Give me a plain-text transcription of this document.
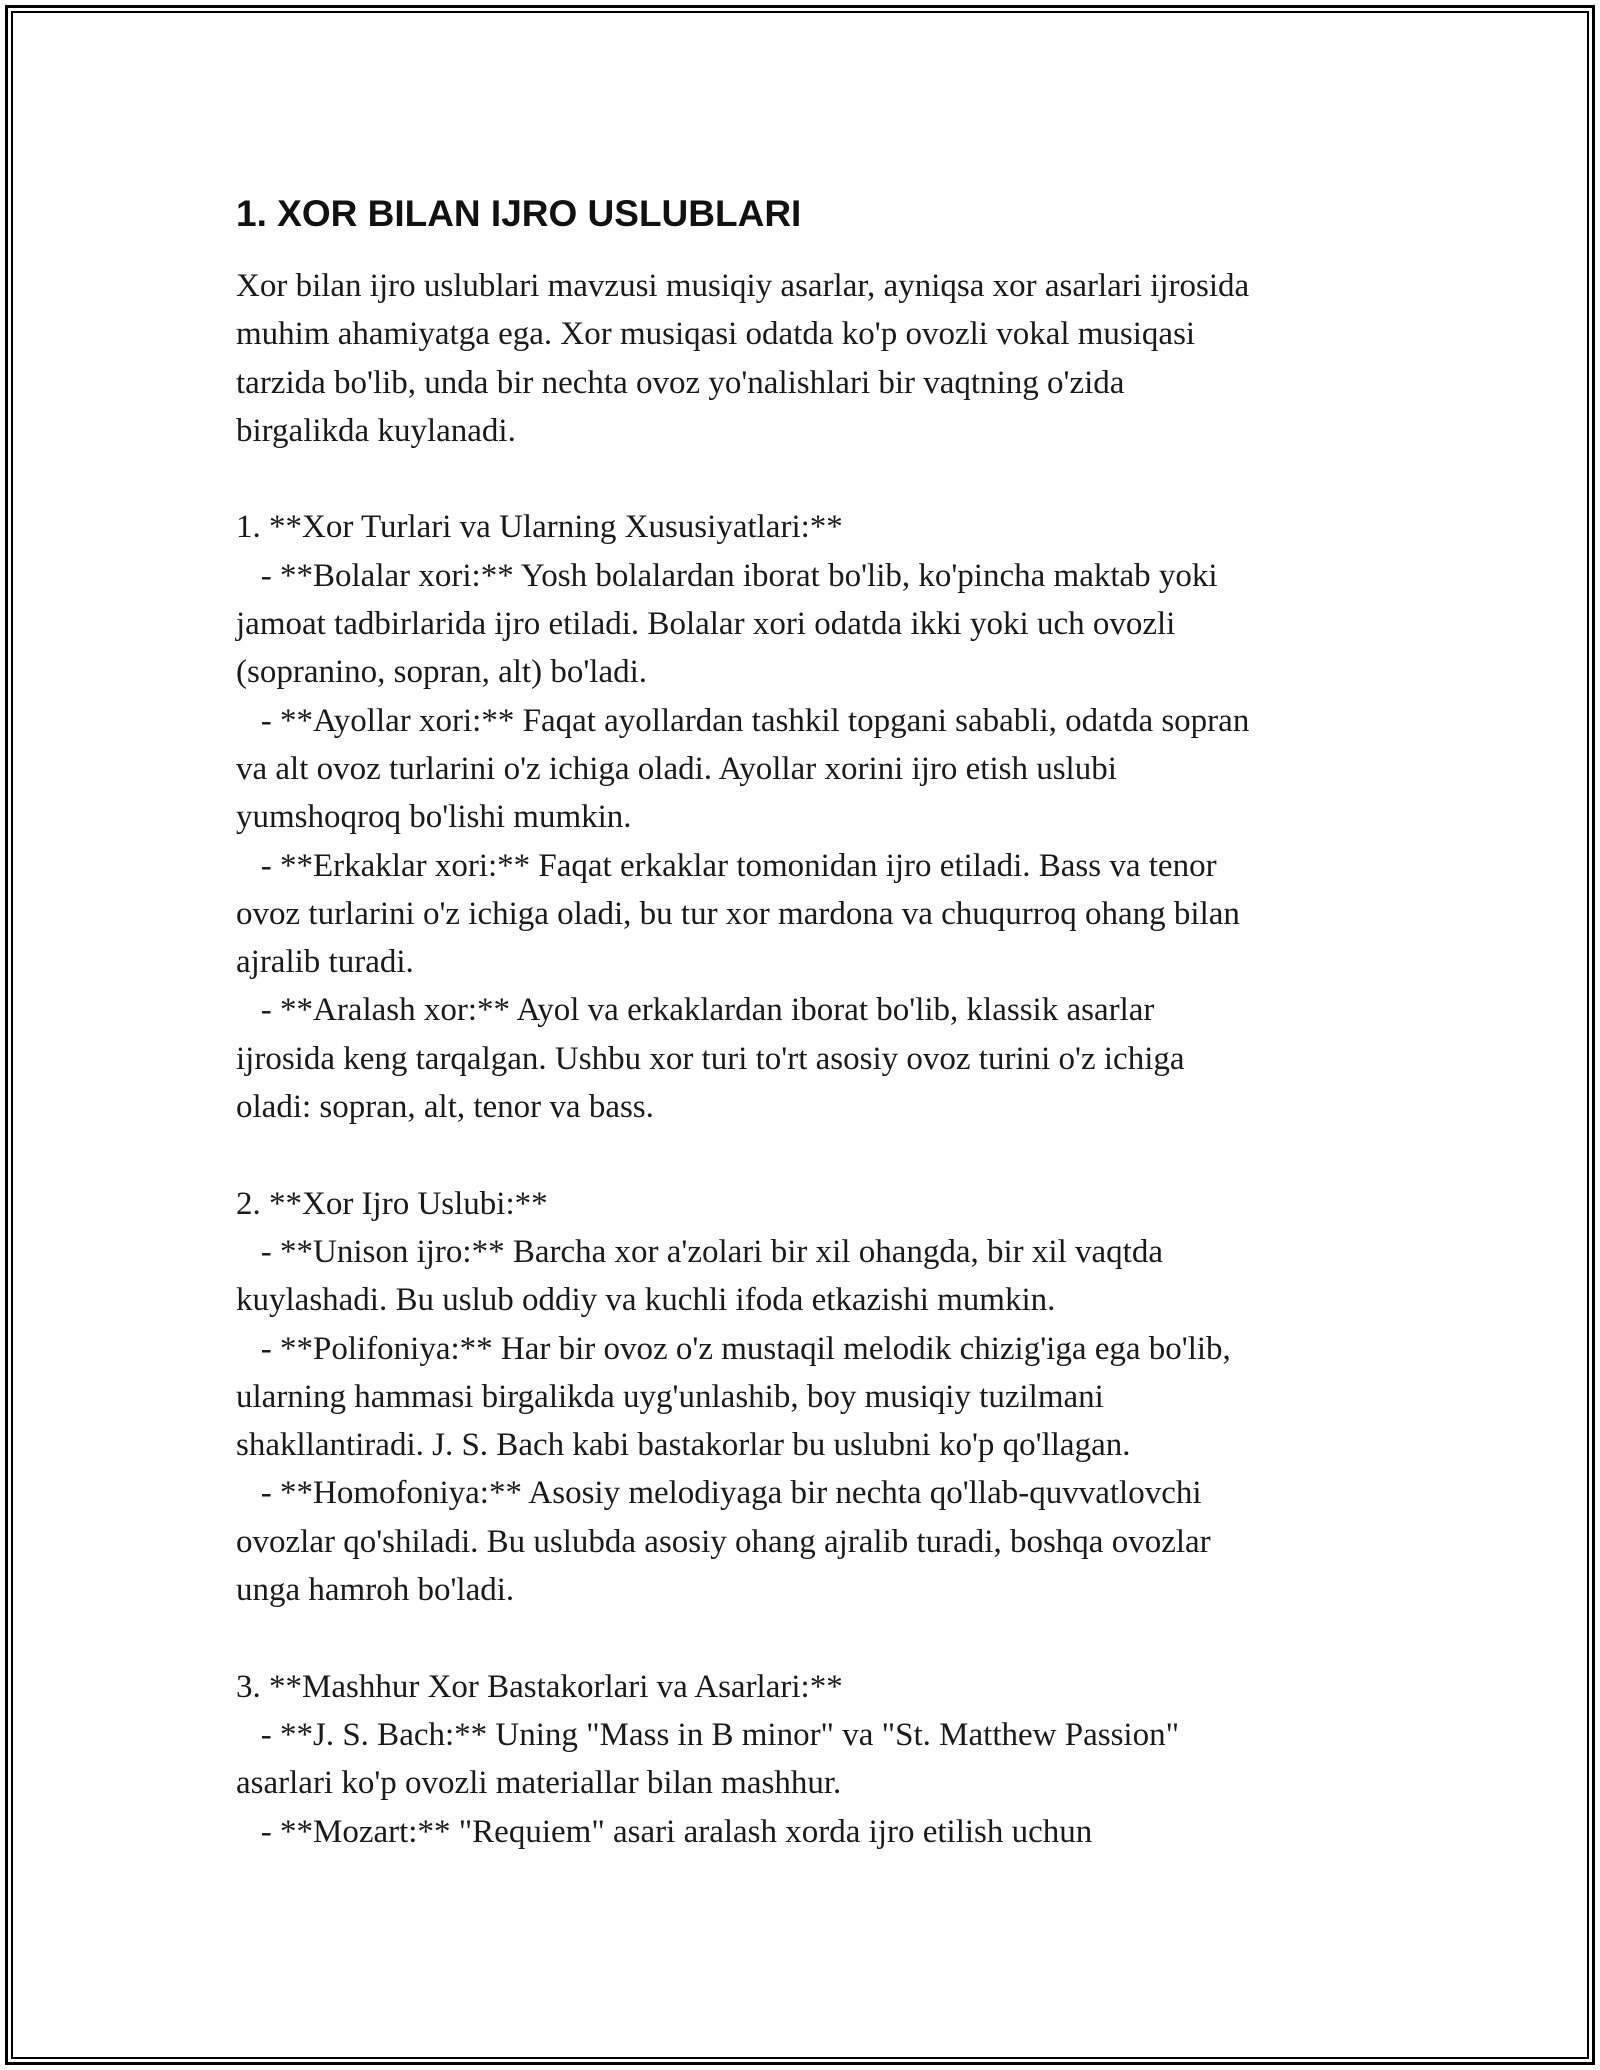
1. XOR BILAN IJRO USLUBLARI

Xor bilan ijro uslublari mavzusi musiqiy asarlar, ayniqsa xor asarlari ijrosida

muhim ahamiyatga ega. Xor musiqasi odatda ko'p ovozli vokal musiqasi

tarzida bo'lib, unda bir nechta ovoz yo'nalishlari bir vaqtning o'zida

birgalikda kuylanadi.

1. **Xor Turlari va Ularning Xususiyatlari:**

- **Bolalar xori:** Yosh bolalardan iborat bo'lib, ko'pincha maktab yoki

jamoat tadbirlarida ijro etiladi. Bolalar xori odatda ikki yoki uch ovozli

(sopranino, sopran, alt) bo'ladi.

- **Ayollar xori:** Faqat ayollardan tashkil topgani sababli, odatda sopran

va alt ovoz turlarini o'z ichiga oladi. Ayollar xorini ijro etish uslubi

yumshoqroq bo'lishi mumkin.

- **Erkaklar xori:** Faqat erkaklar tomonidan ijro etiladi. Bass va tenor

ovoz turlarini o'z ichiga oladi, bu tur xor mardona va chuqurroq ohang bilan

ajralib turadi.

- **Aralash xor:** Ayol va erkaklardan iborat bo'lib, klassik asarlar

ijrosida keng tarqalgan. Ushbu xor turi to'rt asosiy ovoz turini o'z ichiga

oladi: sopran, alt, tenor va bass.

2. **Xor Ijro Uslubi:**

- **Unison ijro:** Barcha xor a'zolari bir xil ohangda, bir xil vaqtda

kuylashadi. Bu uslub oddiy va kuchli ifoda etkazishi mumkin.

- **Polifoniya:** Har bir ovoz o'z mustaqil melodik chizig'iga ega bo'lib,

ularning hammasi birgalikda uyg'unlashib, boy musiqiy tuzilmani

shakllantiradi. J. S. Bach kabi bastakorlar bu uslubni ko'p qo'llagan.

- **Homofoniya:** Asosiy melodiyaga bir nechta qo'llab-quvvatlovchi

ovozlar qo'shiladi. Bu uslubda asosiy ohang ajralib turadi, boshqa ovozlar

unga hamroh bo'ladi.

3. **Mashhur Xor Bastakorlari va Asarlari:**

- **J. S. Bach:** Uning "Mass in B minor" va "St. Matthew Passion"

asarlari ko'p ovozli materiallar bilan mashhur.

- **Mozart:** "Requiem" asari aralash xorda ijro etilish uchun
